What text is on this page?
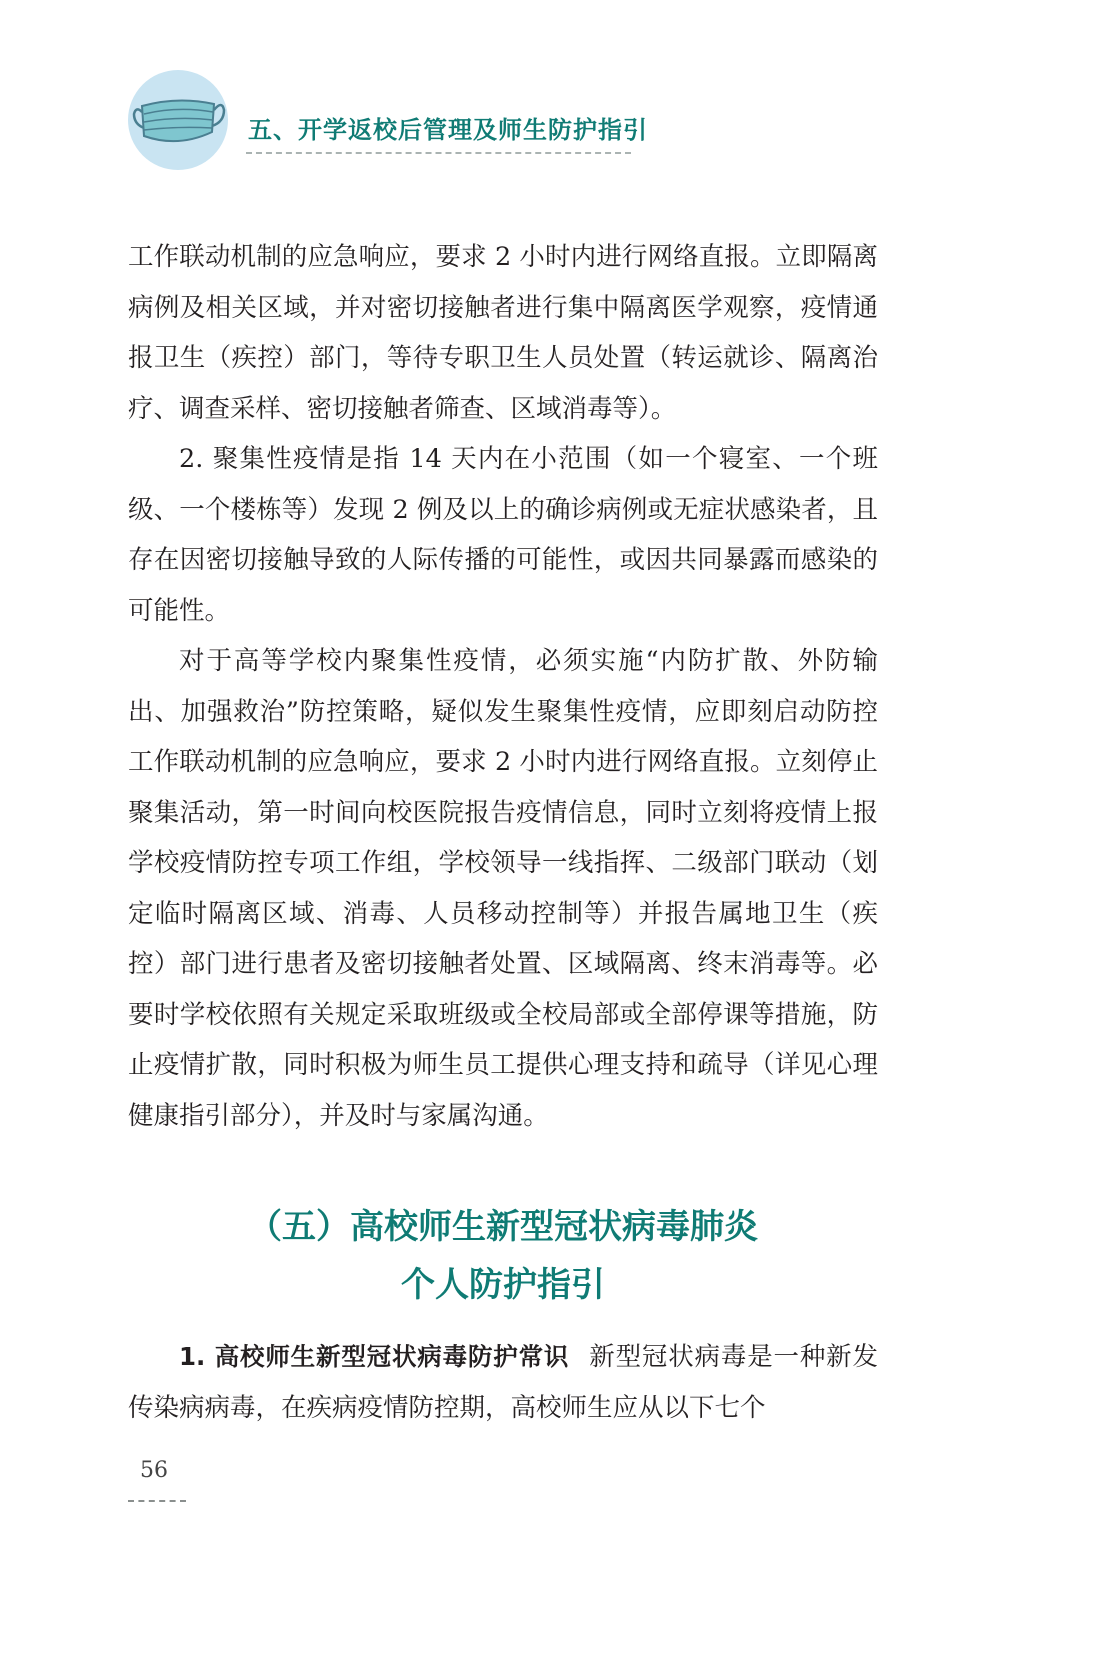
五、开学返校后管理及师生防护指引

工作联动机制的应急响应，要求 2 小时内进行网络直报。立即隔离病例及相关区域，并对密切接触者进行集中隔离医学观察，疫情通报卫生（疾控）部门，等待专职卫生人员处置（转运就诊、隔离治疗、调查采样、密切接触者筛查、区域消毒等）。

2. 聚集性疫情是指 14 天内在小范围（如一个寝室、一个班级、一个楼栋等）发现 2 例及以上的确诊病例或无症状感染者，且存在因密切接触导致的人际传播的可能性，或因共同暴露而感染的可能性。

对于高等学校内聚集性疫情，必须实施“内防扩散、外防输出、加强救治”防控策略，疑似发生聚集性疫情，应即刻启动防控工作联动机制的应急响应，要求 2 小时内进行网络直报。立刻停止聚集活动，第一时间向校医院报告疫情信息，同时立刻将疫情上报学校疫情防控专项工作组，学校领导一线指挥、二级部门联动（划定临时隔离区域、消毒、人员移动控制等）并报告属地卫生（疾控）部门进行患者及密切接触者处置、区域隔离、终末消毒等。必要时学校依照有关规定采取班级或全校局部或全部停课等措施，防止疫情扩散，同时积极为师生员工提供心理支持和疏导（详见心理健康指引部分），并及时与家属沟通。

（五）高校师生新型冠状病毒肺炎
个人防护指引
1. 高校师生新型冠状病毒防护常识 新型冠状病毒是一种新发传染病病毒，在疾病疫情防控期，高校师生应从以下七个
56
